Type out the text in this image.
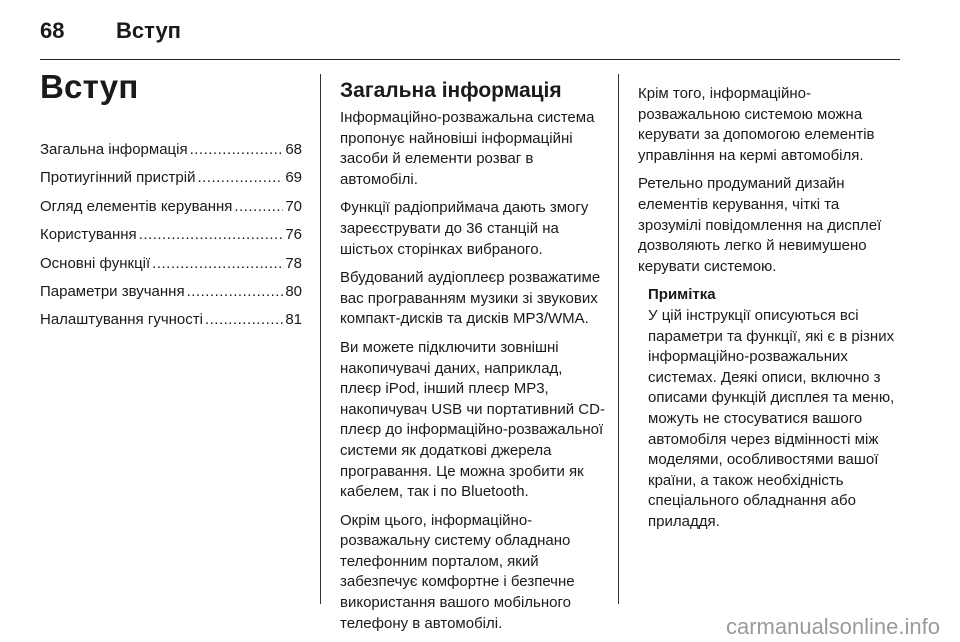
68 Вступ
Вступ
Загальна інформація .....	68
Протиугінний пристрій .....	69
Огляд елементів керування .....	70
Користування .....	76
Основні функції .....	78
Параметри звучання .....	80
Налаштування гучності .....	81
Загальна інформація

Інформаційно-розважальна система пропонує найновіші інформаційні засоби й елементи розваг в автомобілі.

Функції радіоприймача дають змогу зареєструвати до 36 станцій на шістьох сторінках вибраного.

Вбудований аудіоплеєр розважатиме вас програванням музики зі звукових компакт-дисків та дисків MP3/WMA.

Ви можете підключити зовнішні накопичувачі даних, наприклад, плеєр iPod, інший плеєр MP3, накопичувач USB чи портативний CD-плеєр до інформаційно-розважальної системи як додаткові джерела програвання. Це можна зробити як кабелем, так і по Bluetooth.

Окрім цього, інформаційно-розважальну систему обладнано телефонним порталом, який забезпечує комфортне і безпечне використання вашого мобільного телефону в автомобілі.

Крім того, інформаційно-розважальною системою можна керувати за допомогою елементів управління на кермі автомобіля.

Ретельно продуманий дизайн елементів керування, чіткі та зрозумілі повідомлення на дисплеї дозволяють легко й невимушено керувати системою.

Примітка

У цій інструкції описуються всі параметри та функції, які є в різних інформаційно-розважальних системах. Деякі описи, включно з описами функцій дисплея та меню, можуть не стосуватися вашого автомобіля через відмінності між моделями, особливостями вашої країни, а також необхідність спеціального обладнання або приладдя.

carmanualsonline.info
